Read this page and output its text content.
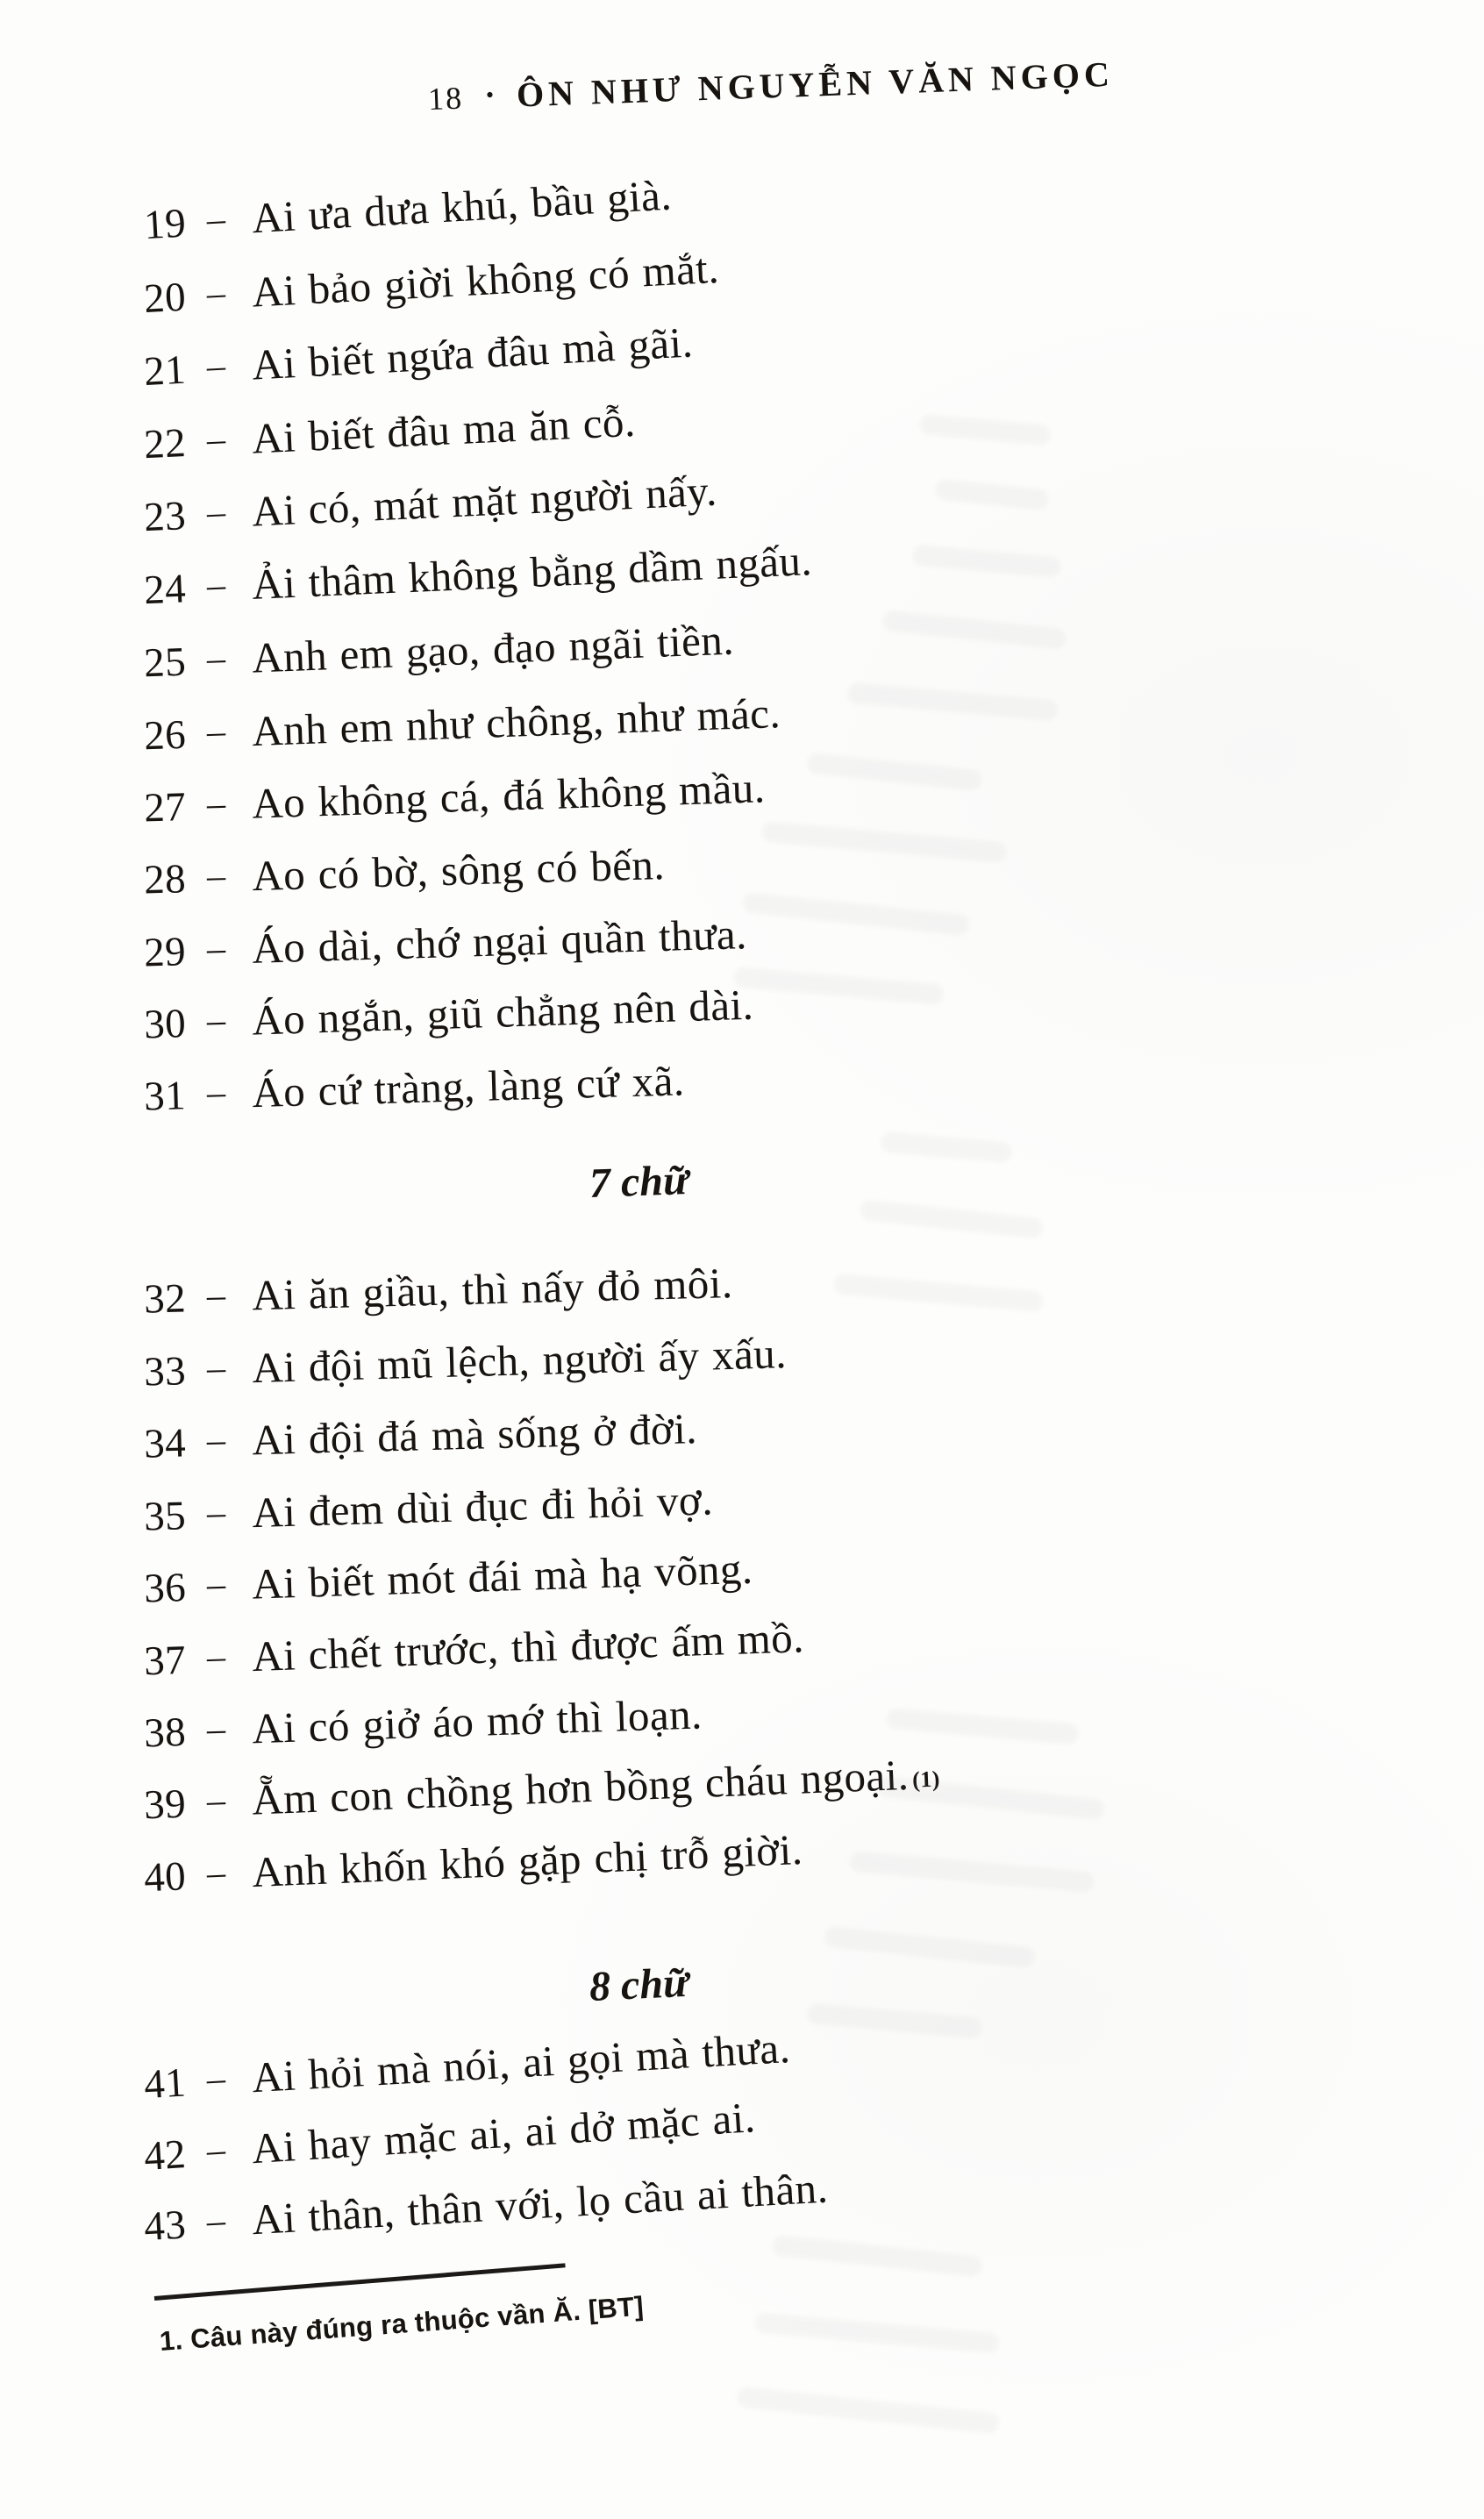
18 • ÔN NHƯ NGUYỄN VĂN NGỌC
19 – Ai ưa dưa khú, bầu già.
20 – Ai bảo giời không có mắt.
21 – Ai biết ngứa đâu mà gãi.
22 – Ai biết đâu ma ăn cỗ.
23 – Ai có, mát mặt người nấy.
24 – Ải thâm không bằng dầm ngấu.
25 – Anh em gạo, đạo ngãi tiền.
26 – Anh em như chông, như mác.
27 – Ao không cá, đá không mầu.
28 – Ao có bờ, sông có bến.
29 – Áo dài, chớ ngại quần thưa.
30 – Áo ngắn, giũ chẳng nên dài.
31 – Áo cứ tràng, làng cứ xã.
7 chữ
32 – Ai ăn giầu, thì nấy đỏ môi.
33 – Ai đội mũ lệch, người ấy xấu.
34 – Ai đội đá mà sống ở đời.
35 – Ai đem dùi đục đi hỏi vợ.
36 – Ai biết mót đái mà hạ võng.
37 – Ai chết trước, thì được ấm mồ.
38 – Ai có giở áo mớ thì loạn.
39 – Ẵm con chồng hơn bồng cháu ngoại.$^{(1)}$
40 – Anh khốn khó gặp chị trỗ giời.
8 chữ
41 – Ai hỏi mà nói, ai gọi mà thưa.
42 – Ai hay mặc ai, ai dở mặc ai.
43 – Ai thân, thân với, lọ cầu ai thân.
1. Câu này đúng ra thuộc vần Ă. [BT]
